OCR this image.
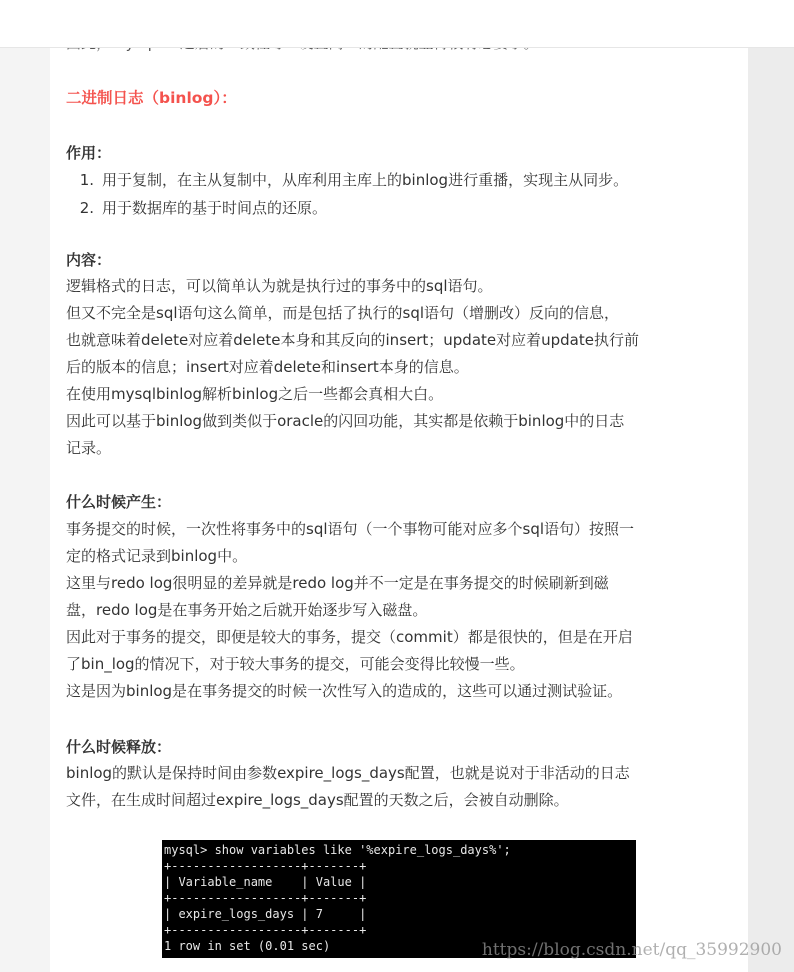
二进制日志（binlog）：
作用：
1. 用于复制，在主从复制中，从库利用主库上的binlog进行重播，实现主从同步。
2. 用于数据库的基于时间点的还原。
内容：
逻辑格式的日志，可以简单认为就是执行过的事务中的sql语句。
但又不完全是sql语句这么简单，而是包括了执行的sql语句（增删改）反向的信息，
也就意味着delete对应着delete本身和其反向的insert；update对应着update执行前
后的版本的信息；insert对应着delete和insert本身的信息。
在使用mysqlbinlog解析binlog之后一些都会真相大白。
因此可以基于binlog做到类似于oracle的闪回功能，其实都是依赖于binlog中的日志
记录。
什么时候产生：
事务提交的时候，一次性将事务中的sql语句（一个事物可能对应多个sql语句）按照一
定的格式记录到binlog中。
这里与redo log很明显的差异就是redo log并不一定是在事务提交的时候刷新到磁
盘，redo log是在事务开始之后就开始逐步写入磁盘。
因此对于事务的提交，即便是较大的事务，提交（commit）都是很快的，但是在开启
了bin_log的情况下，对于较大事务的提交，可能会变得比较慢一些。
这是因为binlog是在事务提交的时候一次性写入的造成的，这些可以通过测试验证。
什么时候释放：
binlog的默认是保持时间由参数expire_logs_days配置，也就是说对于非活动的日志
文件，在生成时间超过expire_logs_days配置的天数之后，会被自动删除。
mysql> show variables like '%expire_logs_days%';
+------------------+-------+
| Variable_name    | Value |
+------------------+-------+
| expire_logs_days | 7     |
+------------------+-------+
1 row in set (0.01 sec)	https://blog.csdn.net/qq_35992900
